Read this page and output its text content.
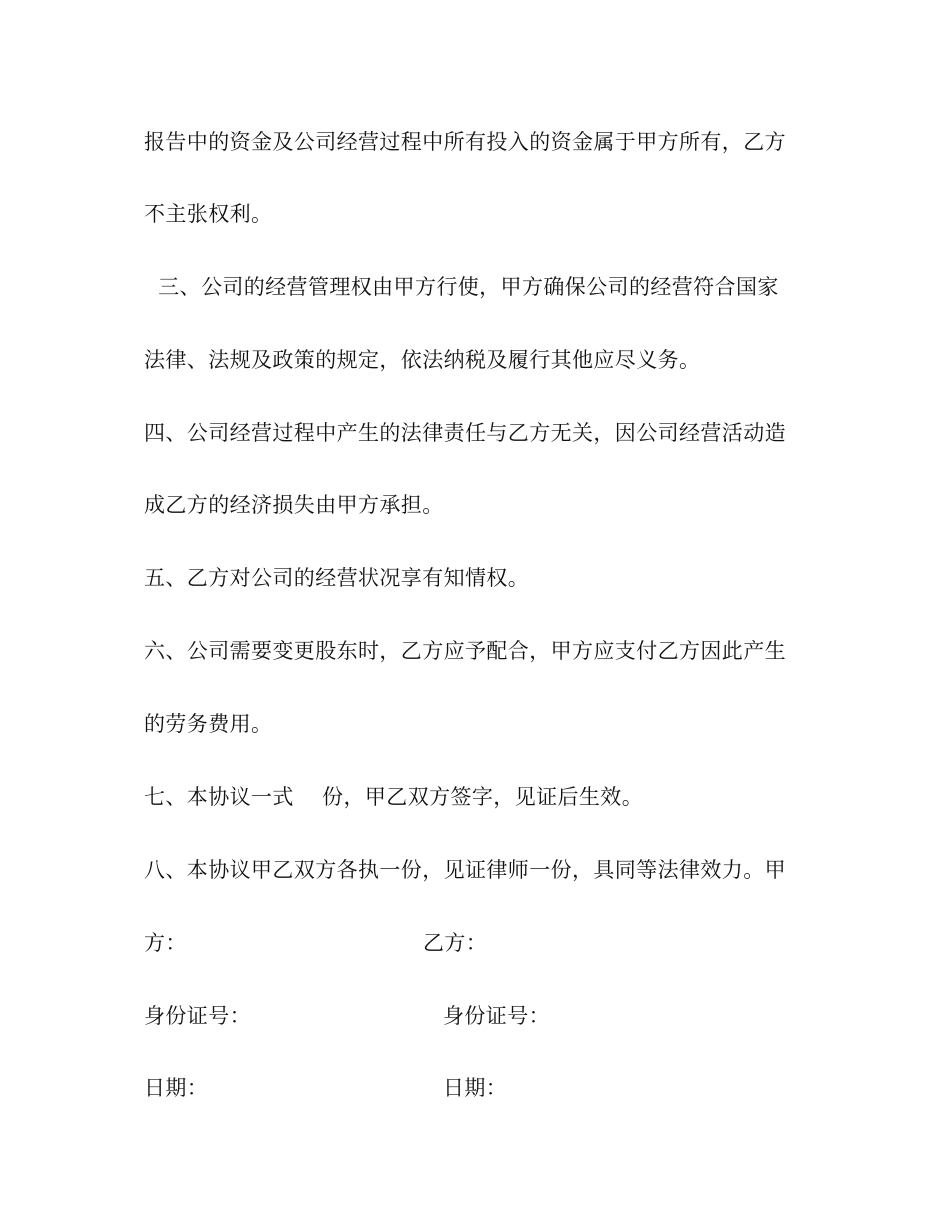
报告中的资金及公司经营过程中所有投入的资金属于甲方所有，乙方
不主张权利。
三、公司的经营管理权由甲方行使，甲方确保公司的经营符合国家
法律、法规及政策的规定，依法纳税及履行其他应尽义务。
四、公司经营过程中产生的法律责任与乙方无关，因公司经营活动造
成乙方的经济损失由甲方承担。
五、乙方对公司的经营状况享有知情权。
六、公司需要变更股东时，乙方应予配合，甲方应支付乙方因此产生
的劳务费用。
七、本协议一式    份，甲乙双方签字，见证后生效。
八、本协议甲乙双方各执一份，见证律师一份，具同等法律效力。甲
方：	乙方：
身份证号：	身份证号：
日期：	日期：
